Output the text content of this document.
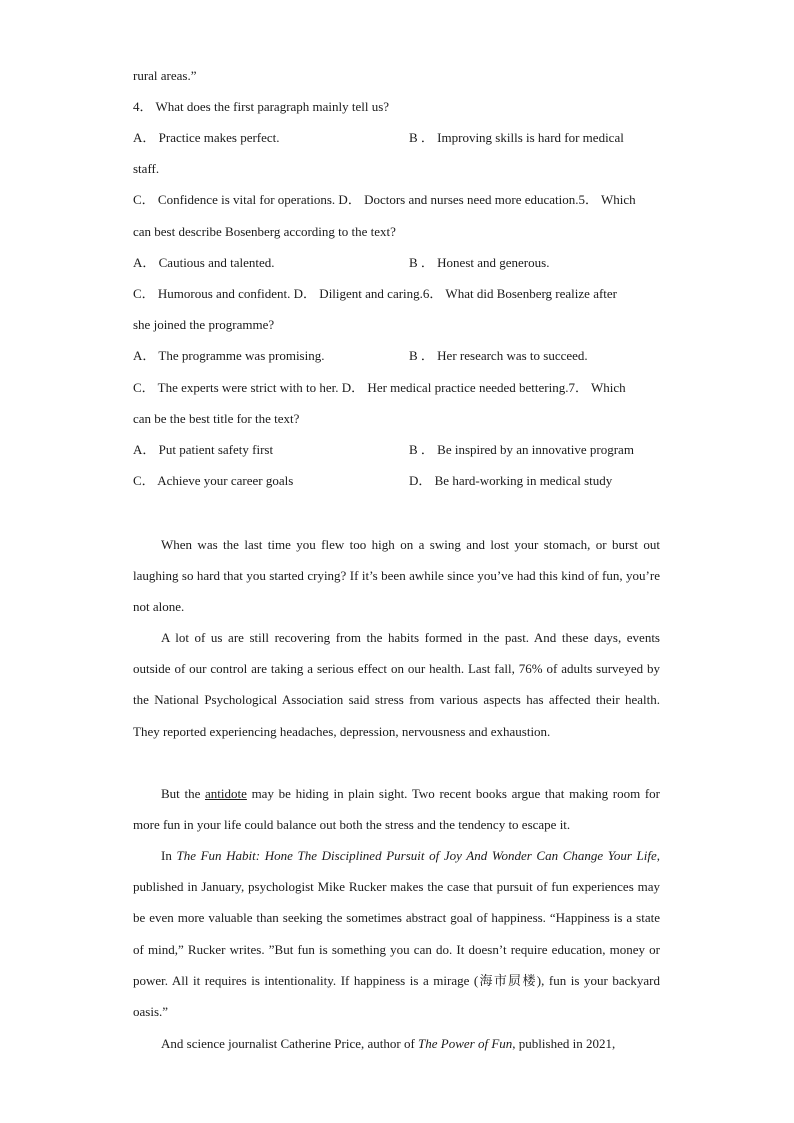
rural areas.”
4． What does the first paragraph mainly tell us?
A． Practice makes perfect.	B ． Improving skills is hard for medical
staff.
C． Confidence is vital for operations. D． Doctors and nurses need more education.5． Which
can best describe Bosenberg according to the text?
A． Cautious and talented.	B ． Honest and generous.
C． Humorous and confident. D． Diligent and caring.6． What did Bosenberg realize after
she joined the programme?
A． The programme was promising.	B ． Her research was to succeed.
C． The experts were strict with to her. D． Her medical practice needed bettering.7． Which
can be the best title for the text?
A． Put patient safety first	B ． Be inspired by an innovative program
C． Achieve your career goals	D． Be hard-working in medical study

When was the last time you flew too high on a swing and lost your stomach, or burst out laughing so hard that you started crying? If it’s been awhile since you’ve had this kind of fun, you’re not alone.

A lot of us are still recovering from the habits formed in the past. And these days, events outside of our control are taking a serious effect on our health. Last fall, 76% of adults surveyed by the National Psychological Association said stress from various aspects has affected their health. They reported experiencing headaches, depression, nervousness and exhaustion.

But the antidote may be hiding in plain sight. Two recent books argue that making room for more fun in your life could balance out both the stress and the tendency to escape it.

In The Fun Habit: Hone The Disciplined Pursuit of Joy And Wonder Can Change Your Life, published in January, psychologist Mike Rucker makes the case that pursuit of fun experiences may be even more valuable than seeking the sometimes abstract goal of happiness. “Happiness is a state of mind,” Rucker writes. ”But fun is something you can do. It doesn’t require education, money or power. All it requires is intentionality. If happiness is a mirage (海市屃楼), fun is your backyard oasis.”

And science journalist Catherine Price, author of The Power of Fun, published in 2021,
